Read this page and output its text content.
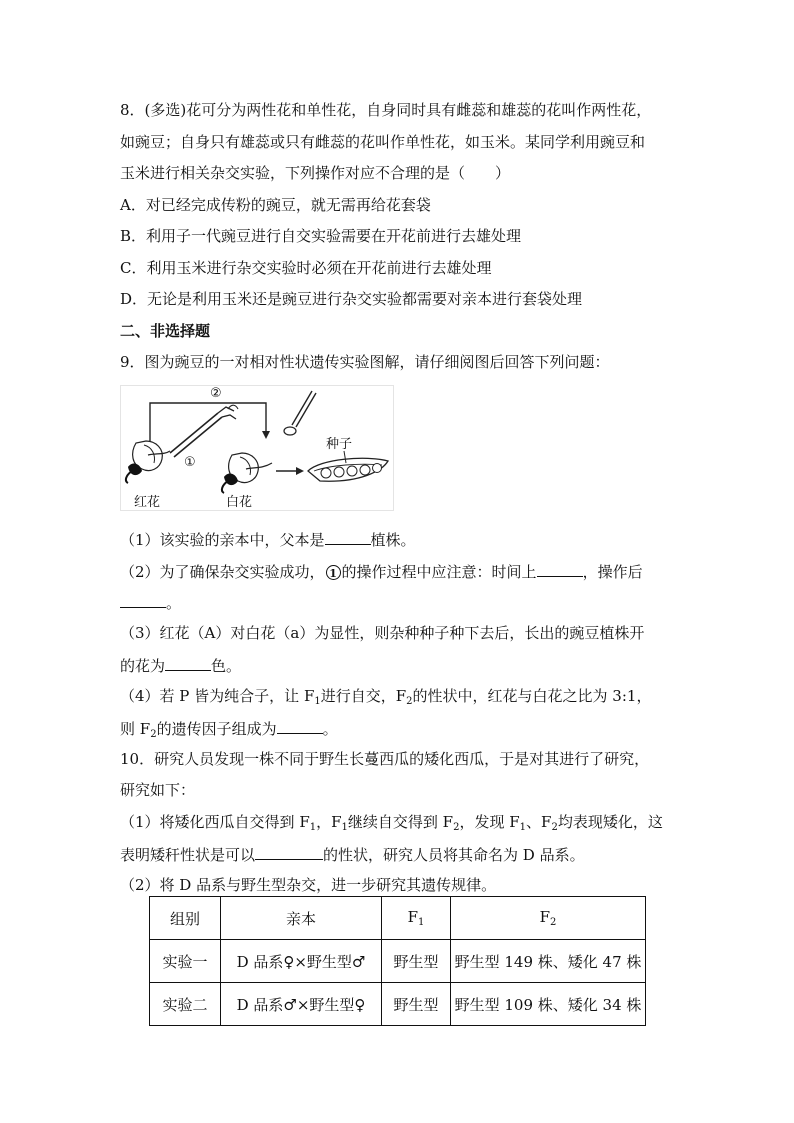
8．(多选)花可分为两性花和单性花，自身同时具有雌蕊和雄蕊的花叫作两性花，
如豌豆；自身只有雄蕊或只有雌蕊的花叫作单性花，如玉米。某同学利用豌豆和
玉米进行相关杂交实验，下列操作对应不合理的是（　　）
A．对已经完成传粉的豌豆，就无需再给花套袋
B．利用子一代豌豆进行自交实验需要在开花前进行去雄处理
C．利用玉米进行杂交实验时必须在开花前进行去雄处理
D．无论是利用玉米还是豌豆进行杂交实验都需要对亲本进行套袋处理
二、非选择题
9．图为豌豆的一对相对性状遗传实验图解，请仔细阅图后回答下列问题：
②
①
种子
红花	白花
（1）该实验的亲本中，父本是	植株。
（2）为了确保杂交实验成功， 1 的操作过程中应注意：时间上	，操作后
。
（3）红花（A）对白花（a）为显性，则杂种种子种下去后，长出的豌豆植株开
的花为	色。
（4）若 P 皆为纯合子，让 $F_1$进行自交，$F_2$的性状中，红花与白花之比为 3:1，
则 $F_2$的遗传因子组成为	。
10．研究人员发现一株不同于野生长蔓西瓜的矮化西瓜，于是对其进行了研究，
研究如下：
（1）将矮化西瓜自交得到 $F_1$，$F_1$继续自交得到 $F_2$，发现 $F_1$、$F_2$均表现矮化，这
表明矮秆性状是可以	的性状，研究人员将其命名为 D 品系。
（2）将 D 品系与野生型杂交，进一步研究其遗传规律。
组别	亲本	$F_1$	$F_2$
实验一	D 品系♀×野生型♂	野生型	野生型 149 株、矮化 47 株
实验二	D 品系♂×野生型♀	野生型	野生型 109 株、矮化 34 株
